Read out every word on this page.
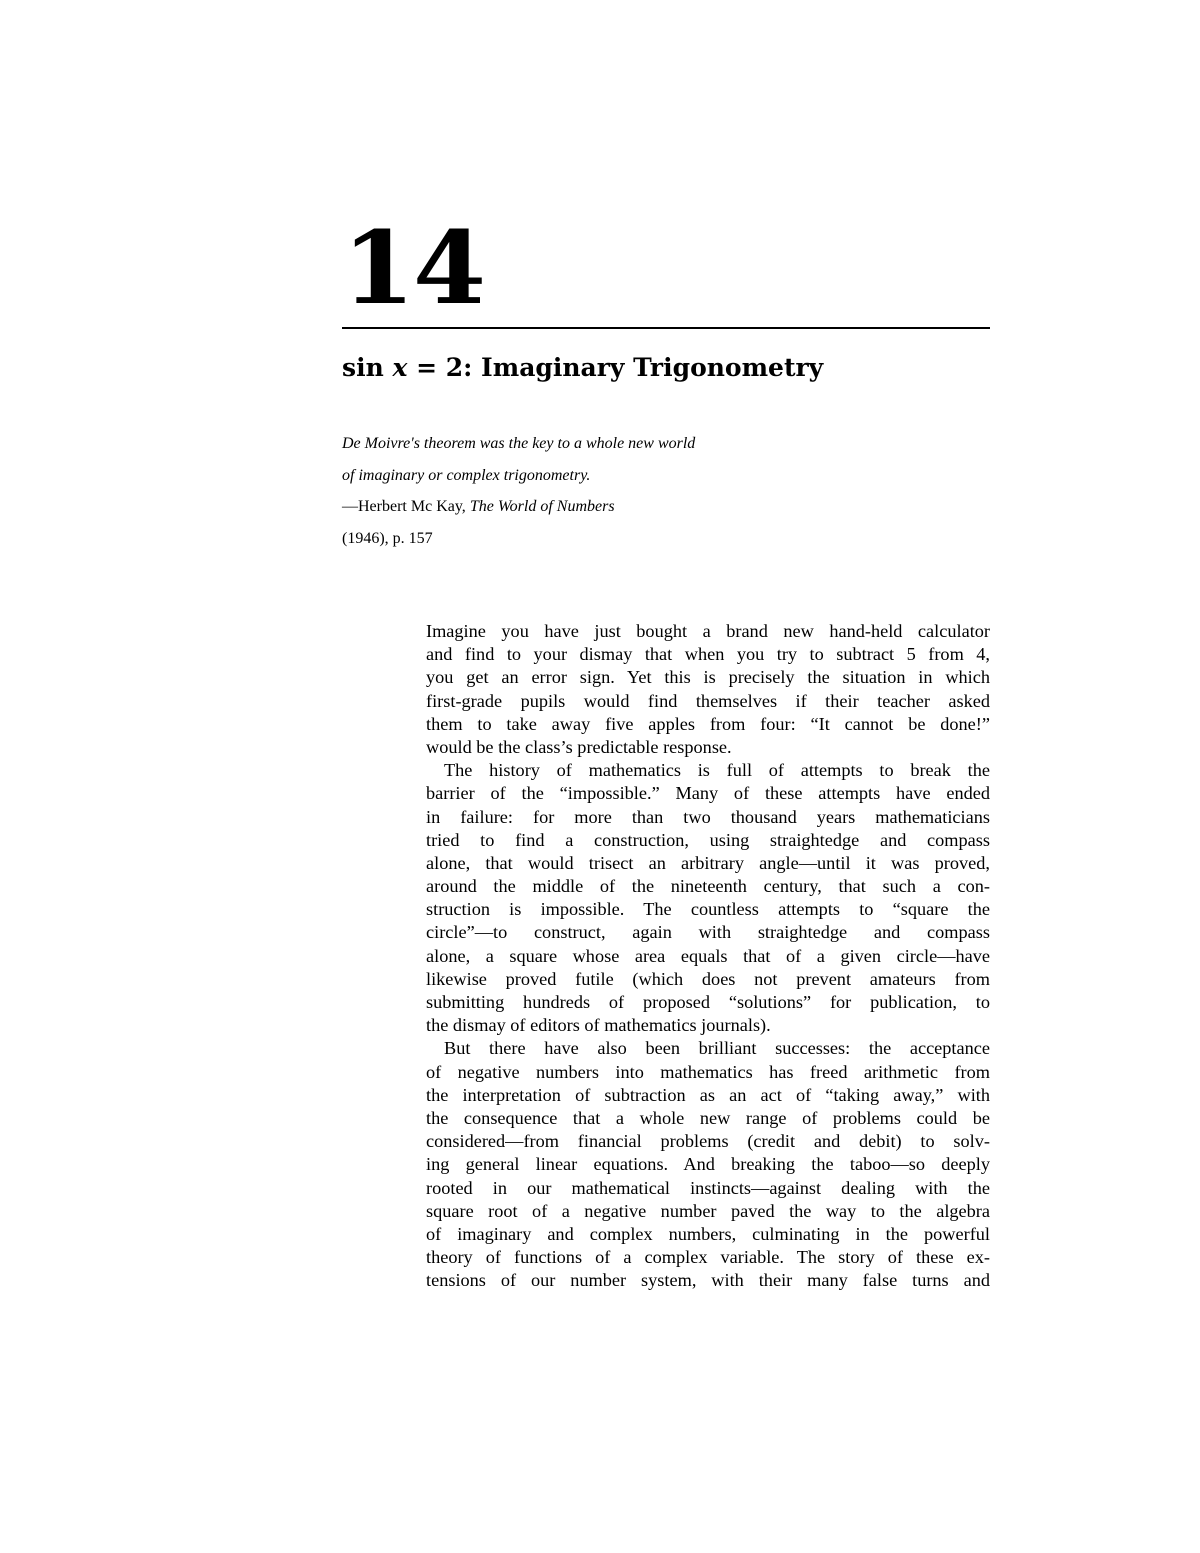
14
sin x = 2: Imaginary Trigonometry
De Moivre's theorem was the key to a whole new world
of imaginary or complex trigonometry.
—Herbert Mc Kay, The World of Numbers
(1946), p. 157
Imagine you have just bought a brand new hand-held calculator
and find to your dismay that when you try to subtract 5 from 4,
you get an error sign. Yet this is precisely the situation in which
first-grade pupils would find themselves if their teacher asked
them to take away five apples from four: “It cannot be done!”
would be the class’s predictable response.
The history of mathematics is full of attempts to break the
barrier of the “impossible.” Many of these attempts have ended
in failure: for more than two thousand years mathematicians
tried to find a construction, using straightedge and compass
alone, that would trisect an arbitrary angle—until it was proved,
around the middle of the nineteenth century, that such a con-
struction is impossible. The countless attempts to “square the
circle”—to construct, again with straightedge and compass
alone, a square whose area equals that of a given circle—have
likewise proved futile (which does not prevent amateurs from
submitting hundreds of proposed “solutions” for publication, to
the dismay of editors of mathematics journals).
But there have also been brilliant successes: the acceptance
of negative numbers into mathematics has freed arithmetic from
the interpretation of subtraction as an act of “taking away,” with
the consequence that a whole new range of problems could be
considered—from financial problems (credit and debit) to solv-
ing general linear equations. And breaking the taboo—so deeply
rooted in our mathematical instincts—against dealing with the
square root of a negative number paved the way to the algebra
of imaginary and complex numbers, culminating in the powerful
theory of functions of a complex variable. The story of these ex-
tensions of our number system, with their many false turns and
